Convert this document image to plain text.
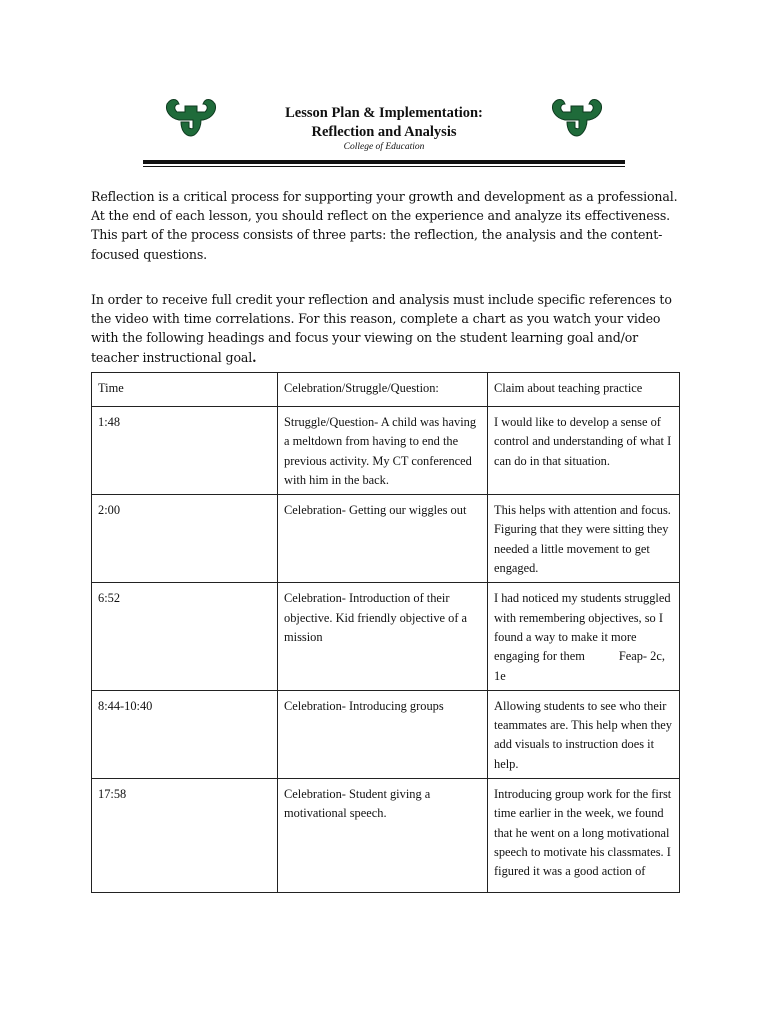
Lesson Plan & Implementation:
Reflection and Analysis
College of Education

Reflection is a critical process for supporting your growth and development as a professional. At the end of each lesson, you should reflect on the experience and analyze its effectiveness. This part of the process consists of three parts: the reflection, the analysis and the content-focused questions.

In order to receive full credit your reflection and analysis must include specific references to the video with time correlations. For this reason, complete a chart as you watch your video with the following headings and focus your viewing on the student learning goal and/or teacher instructional goal.

Time	Celebration/Struggle/Question:	Claim about teaching practice
1:48	Struggle/Question- A child was having a meltdown from having to end the previous activity. My CT conferenced with him in the back.	I would like to develop a sense of control and understanding of what I can do in that situation.
2:00	Celebration- Getting our wiggles out	This helps with attention and focus. Figuring that they were sitting they needed a little movement to get engaged.
6:52	Celebration- Introduction of their objective. Kid friendly objective of a mission	I had noticed my students struggled with remembering objectives, so I found a way to make it more engaging for them Feap- 2c, 1e
8:44-10:40	Celebration- Introducing groups	Allowing students to see who their teammates are. This help when they add visuals to instruction does it help.
17:58	Celebration- Student giving a motivational speech.	Introducing group work for the first time earlier in the week, we found that he went on a long motivational speech to motivate his classmates. I figured it was a good action of
